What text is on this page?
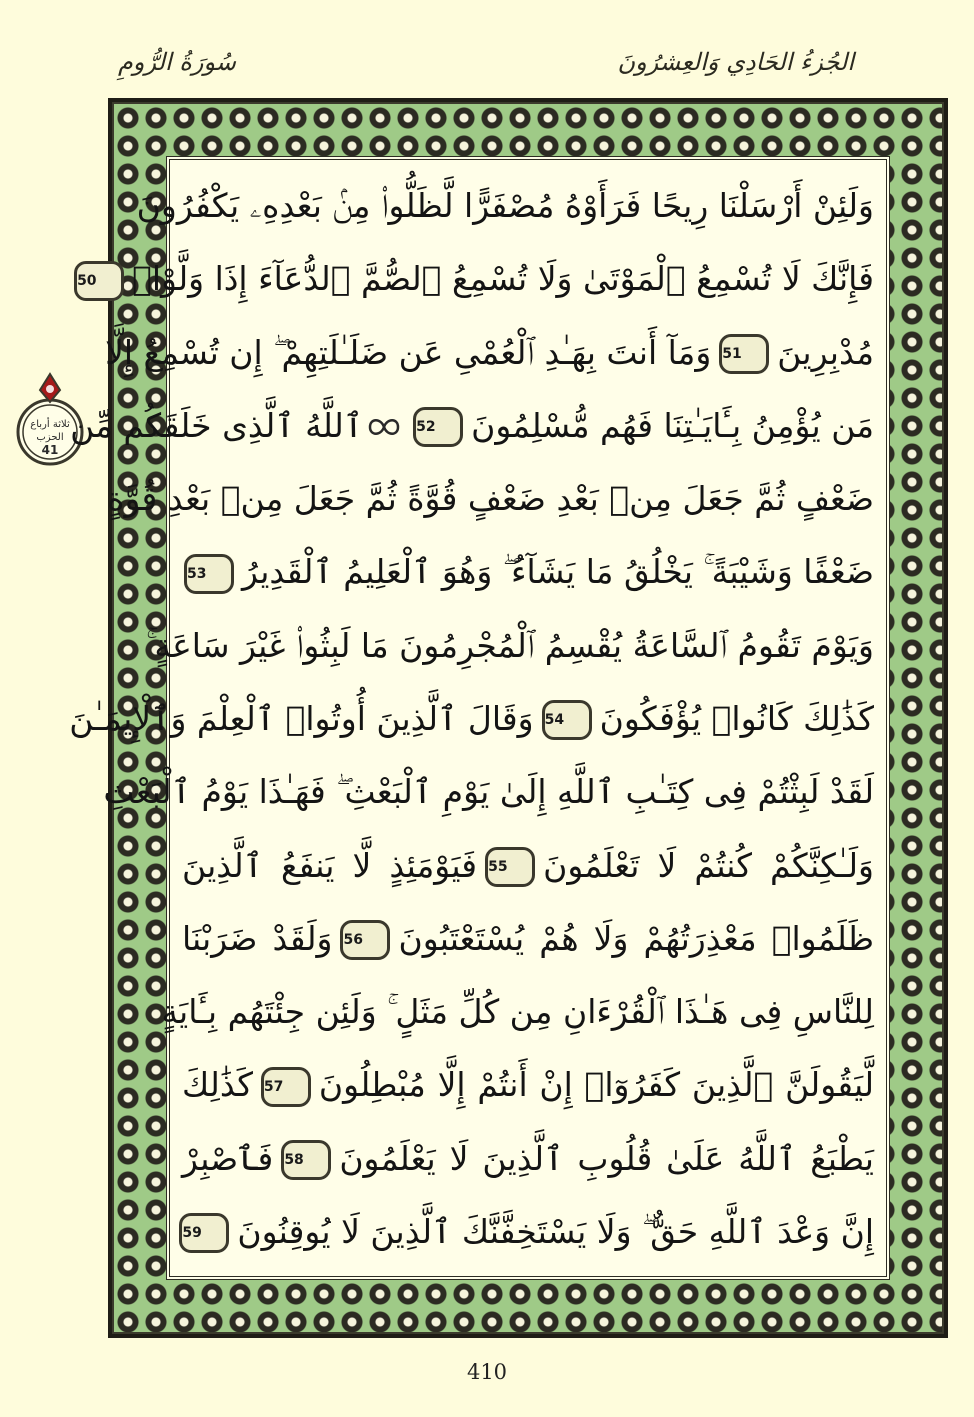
سُورَةُ الرُّومِ	الجُزءُ الحَادِي وَالعِشرُونَ
ثلاثة أرباع الحزب
41
وَلَئِنْ أَرْسَلْنَا رِيحًا فَرَأَوْهُ مُصْفَرًّا لَّظَلُّوا۟ مِنۢ بَعْدِهِۦ يَكْفُرُونَ
فَإِنَّكَ لَا تُسْمِعُ ٱلْمَوْتَىٰ وَلَا تُسْمِعُ ٱلصُّمَّ ٱلدُّعَآءَ إِذَا وَلَّوْا۟50
مُدْبِرِينَ51وَمَآ أَنتَ بِهَـٰدِ ٱلْعُمْىِ عَن ضَلَـٰلَتِهِمْ ۖ إِن تُسْمِعُ إِلَّا
مَن يُؤْمِنُ بِـَٔايَـٰتِنَا فَهُم مُّسْلِمُونَ52ٱللَّهُ ٱلَّذِى خَلَقَكُم مِّن
ضَعْفٍ ثُمَّ جَعَلَ مِنۢ بَعْدِ ضَعْفٍ قُوَّةً ثُمَّ جَعَلَ مِنۢ بَعْدِ قُوَّةٍ
ضَعْفًا وَشَيْبَةً ۚ يَخْلُقُ مَا يَشَآءُ ۖ وَهُوَ ٱلْعَلِيمُ ٱلْقَدِيرُ53
وَيَوْمَ تَقُومُ ٱلسَّاعَةُ يُقْسِمُ ٱلْمُجْرِمُونَ مَا لَبِثُوا۟ غَيْرَ سَاعَةٍ ۚ
كَذَٰلِكَ كَانُوا۟ يُؤْفَكُونَ54وَقَالَ ٱلَّذِينَ أُوتُوا۟ ٱلْعِلْمَ وَٱلْإِيمَـٰنَ
لَقَدْ لَبِثْتُمْ فِى كِتَـٰبِ ٱللَّهِ إِلَىٰ يَوْمِ ٱلْبَعْثِ ۖ فَهَـٰذَا يَوْمُ ٱلْبَعْثِ
وَلَـٰكِنَّكُمْ كُنتُمْ لَا تَعْلَمُونَ55فَيَوْمَئِذٍ لَّا يَنفَعُ ٱلَّذِينَ
ظَلَمُوا۟ مَعْذِرَتُهُمْ وَلَا هُمْ يُسْتَعْتَبُونَ56وَلَقَدْ ضَرَبْنَا
لِلنَّاسِ فِى هَـٰذَا ٱلْقُرْءَانِ مِن كُلِّ مَثَلٍ ۚ وَلَئِن جِئْتَهُم بِـَٔايَةٍ
لَّيَقُولَنَّ ٱلَّذِينَ كَفَرُوٓا۟ إِنْ أَنتُمْ إِلَّا مُبْطِلُونَ57كَذَٰلِكَ
يَطْبَعُ ٱللَّهُ عَلَىٰ قُلُوبِ ٱلَّذِينَ لَا يَعْلَمُونَ58فَٱصْبِرْ
إِنَّ وَعْدَ ٱللَّهِ حَقٌّ ۖ وَلَا يَسْتَخِفَّنَّكَ ٱلَّذِينَ لَا يُوقِنُونَ59
410
